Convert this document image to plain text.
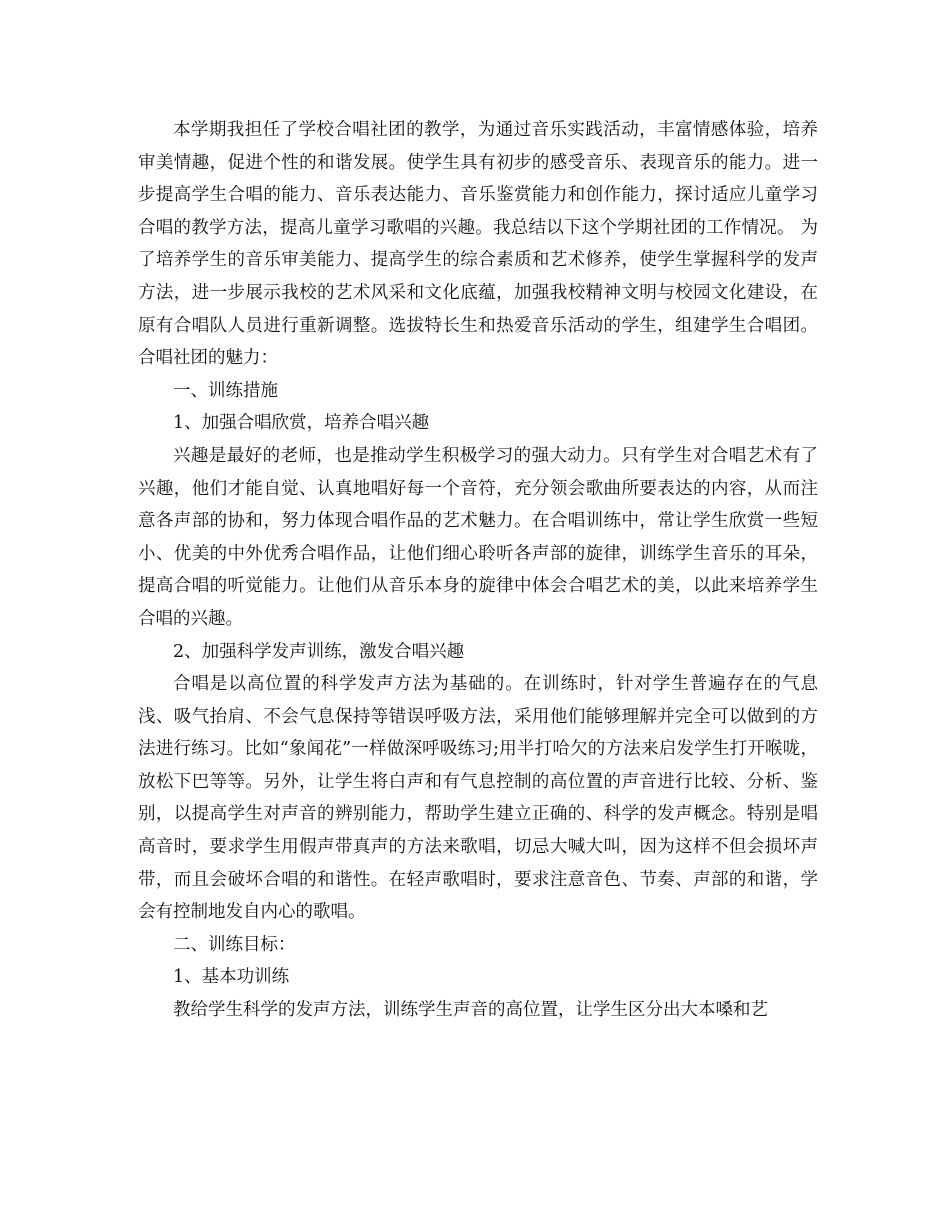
本学期我担任了学校合唱社团的教学，为通过音乐实践活动，丰富情感体验，培养审美情趣，促进个性的和谐发展。使学生具有初步的感受音乐、表现音乐的能力。进一步提高学生合唱的能力、音乐表达能力、音乐鉴赏能力和创作能力，探讨适应儿童学习合唱的教学方法，提高儿童学习歌唱的兴趣。我总结以下这个学期社团的工作情况。 为了培养学生的音乐审美能力、提高学生的综合素质和艺术修养，使学生掌握科学的发声方法，进一步展示我校的艺术风采和文化底蕴，加强我校精神文明与校园文化建设，在原有合唱队人员进行重新调整。选拔特长生和热爱音乐活动的学生，组建学生合唱团。 合唱社团的魅力：

一、训练措施

1、加强合唱欣赏，培养合唱兴趣

兴趣是最好的老师，也是推动学生积极学习的强大动力。只有学生对合唱艺术有了兴趣，他们才能自觉、认真地唱好每一个音符，充分领会歌曲所要表达的内容，从而注意各声部的协和，努力体现合唱作品的艺术魅力。在合唱训练中，常让学生欣赏一些短小、优美的中外优秀合唱作品，让他们细心聆听各声部的旋律，训练学生音乐的耳朵，提高合唱的听觉能力。让他们从音乐本身的旋律中体会合唱艺术的美，以此来培养学生合唱的兴趣。

2、加强科学发声训练，激发合唱兴趣

合唱是以高位置的科学发声方法为基础的。在训练时，针对学生普遍存在的气息浅、吸气抬肩、不会气息保持等错误呼吸方法，采用他们能够理解并完全可以做到的方法进行练习。比如“象闻花”一样做深呼吸练习;用半打哈欠的方法来启发学生打开喉咙，放松下巴等等。另外，让学生将白声和有气息控制的高位置的声音进行比较、分析、鉴别，以提高学生对声音的辨别能力，帮助学生建立正确的、科学的发声概念。特别是唱高音时，要求学生用假声带真声的方法来歌唱，切忌大喊大叫，因为这样不但会损坏声带，而且会破坏合唱的和谐性。在轻声歌唱时，要求注意音色、节奏、声部的和谐，学会有控制地发自内心的歌唱。

二、训练目标：

1、基本功训练

教给学生科学的发声方法，训练学生声音的高位置，让学生区分出大本嗓和艺
